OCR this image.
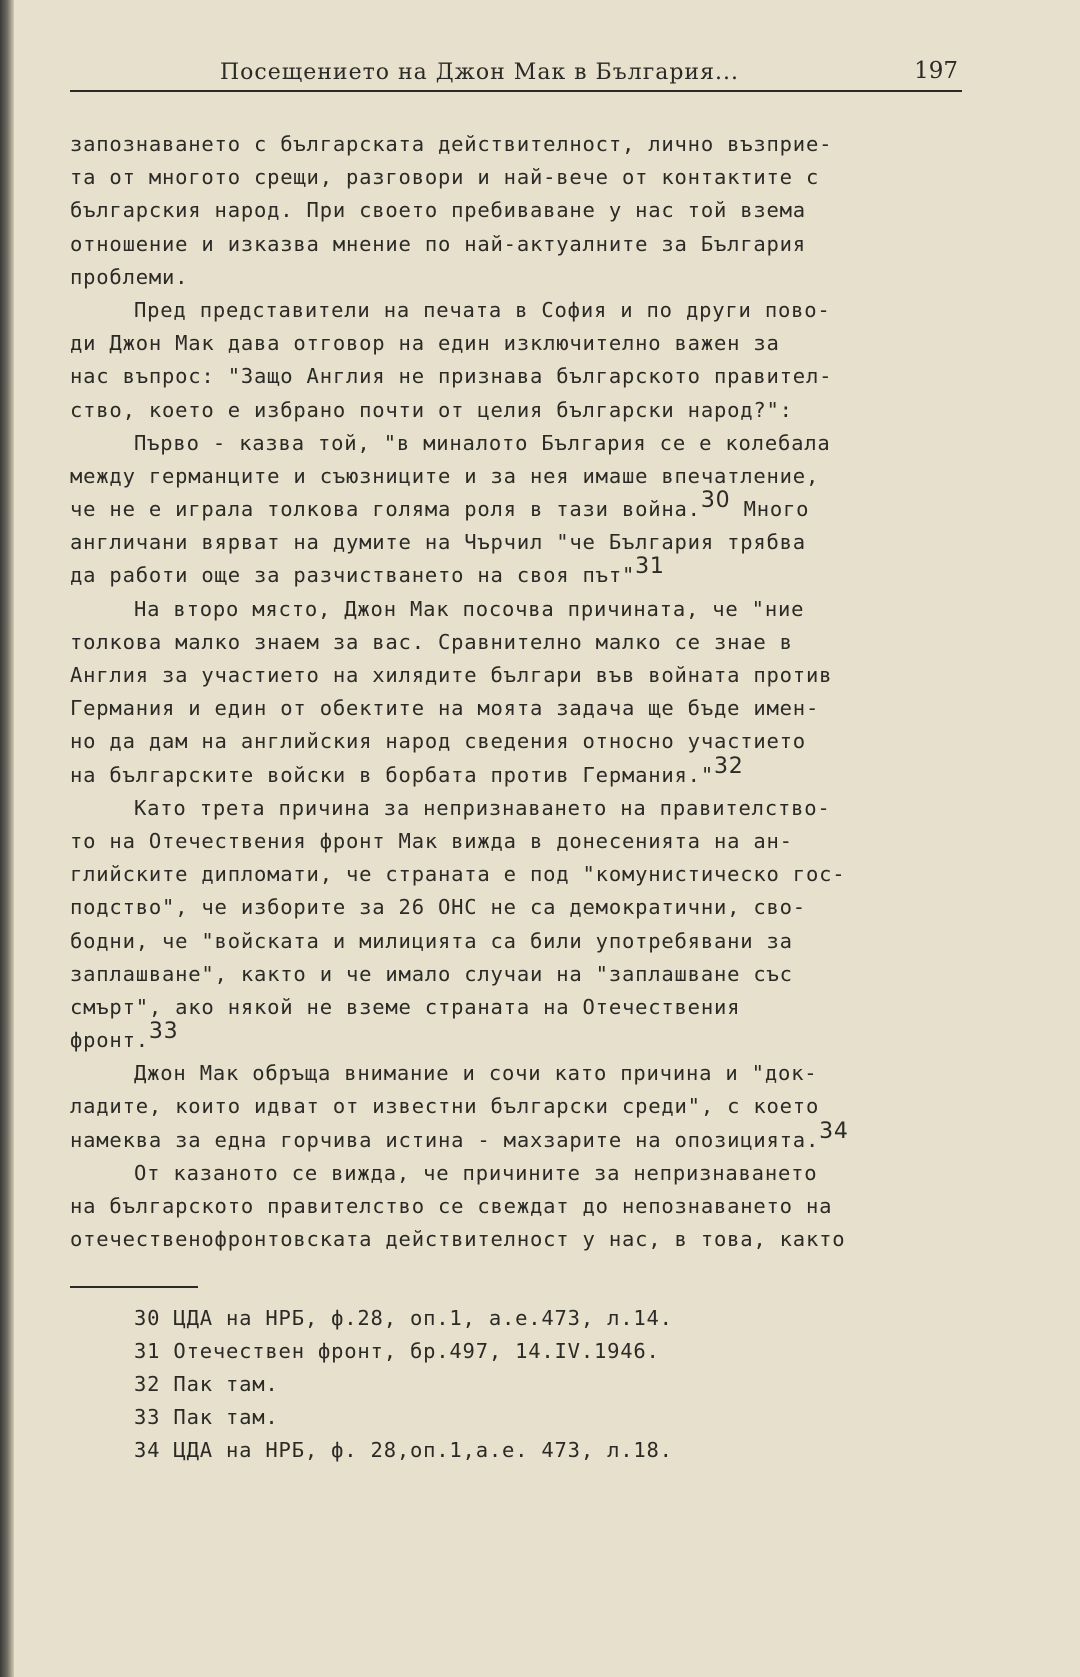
Посещението на Джон Мак в България...	197
запознаването с българската действителност, лично възприе-
та от многото срещи, разговори и най-вече от контактите с
българския народ. При своето пребиваване у нас той взема
отношение и изказва мнение по най-актуалните за България
проблеми.
Пред представители на печата в София и по други пово-
ди Джон Мак дава отговор на един изключително важен за
нас въпрос: "Защо Англия не признава българското правител-
ство, което е избрано почти от целия български народ?":
Първо - казва той, "в миналото България се е колебала
между германците и съюзниците и за нея имаше впечатление,
че не е играла толкова голяма роля в тази война.$^{30}$ Много
англичани вярват на думите на Чърчил "че България трябва
да работи още за разчистването на своя път"$^{31}$
На второ място, Джон Мак посочва причината, че "ние
толкова малко знаем за вас. Сравнително малко се знае в
Англия за участието на хилядите българи във войната против
Германия и един от обектите на моята задача ще бъде имен-
но да дам на английския народ сведения относно участието
на българските войски в борбата против Германия."$^{32}$
Като трета причина за непризнаването на правителство-
то на Отечествения фронт Мак вижда в донесенията на ан-
глийските дипломати, че страната е под "комунистическо гос-
подство", че изборите за 26 ОНС не са демократични, сво-
бодни, че "войската и милицията са били употребявани за
заплашване", както и че имало случаи на "заплашване със
смърт", ако някой не вземе страната на Отечествения
фронт.$^{33}$
Джон Мак обръща внимание и сочи като причина и "док-
ладите, които идват от известни български среди", с което
намеква за една горчива истина - махзарите на опозицията.$^{34}$
От казаното се вижда, че причините за непризнаването
на българското правителство се свеждат до непознаването на
отечественофронтовската действителност у нас, в това, както
30 ЦДА на НРБ, ф.28, оп.1, а.е.473, л.14.
31 Отечествен фронт, бр.497, 14.IV.1946.
32 Пак там.
33 Пак там.
34 ЦДА на НРБ, ф. 28,оп.1,а.е. 473, л.18.
